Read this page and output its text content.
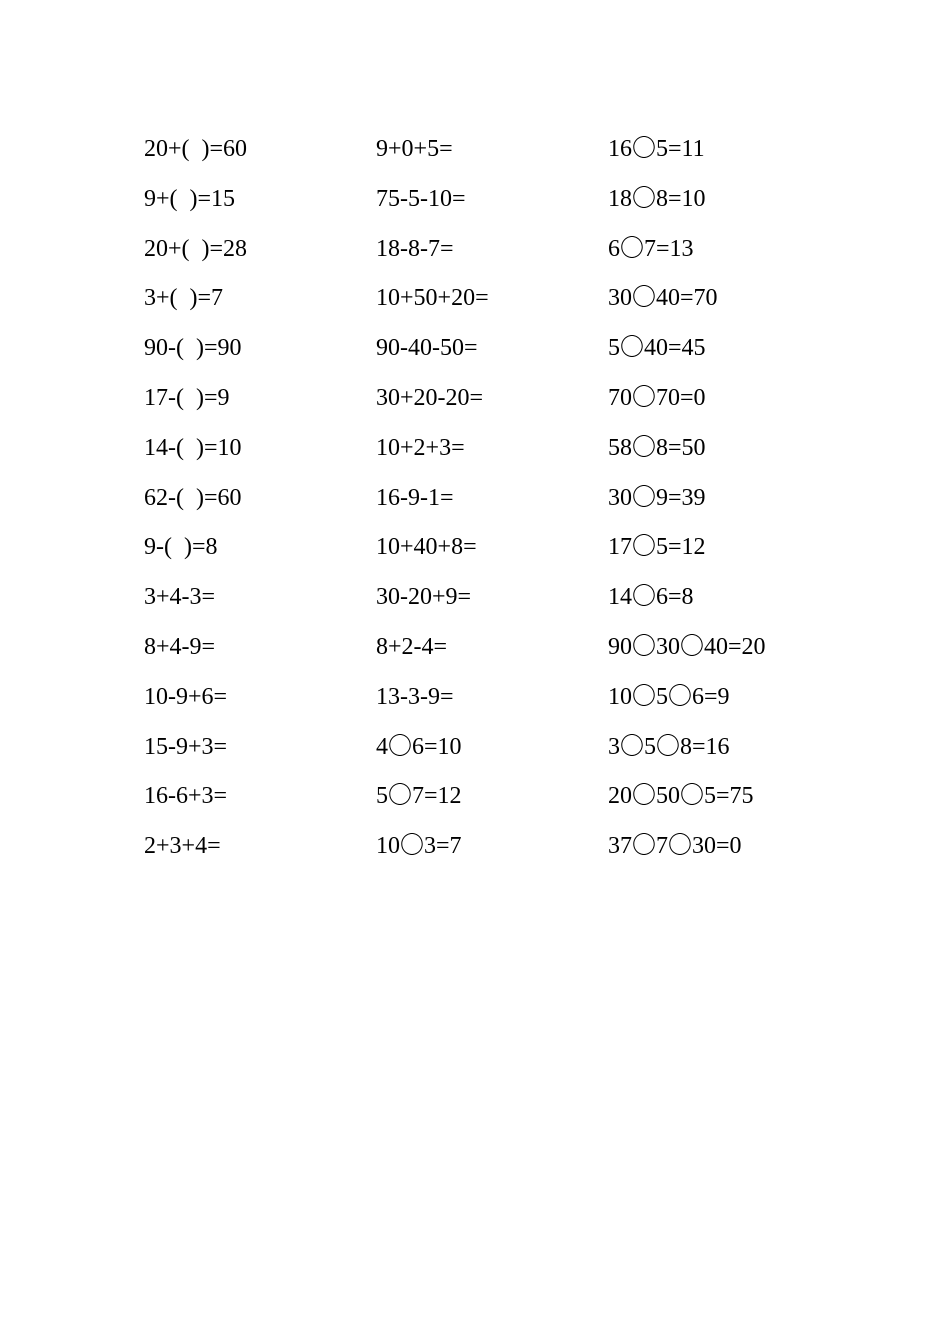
20+(  )=60
9+(  )=15
20+(  )=28
3+(  )=7
90-(  )=90
17-(  )=9
14-(  )=10
62-(  )=60
9-(  )=8
3+4-3=
8+4-9=
10-9+6=
15-9+3=
16-6+3=
2+3+4=
9+0+5=
75-5-10=
18-8-7=
10+50+20=
90-40-50=
30+20-20=
10+2+3=
16-9-1=
10+40+8=
30-20+9=
8+2-4=
13-3-9=
4〇6=10
5〇7=12
10〇3=7
16〇5=11
18〇8=10
6〇7=13
30〇40=70
5〇40=45
70〇70=0
58〇8=50
30〇9=39
17〇5=12
14〇6=8
90〇30〇40=20
10〇5〇6=9
3〇5〇8=16
20〇50〇5=75
37〇7〇30=0
